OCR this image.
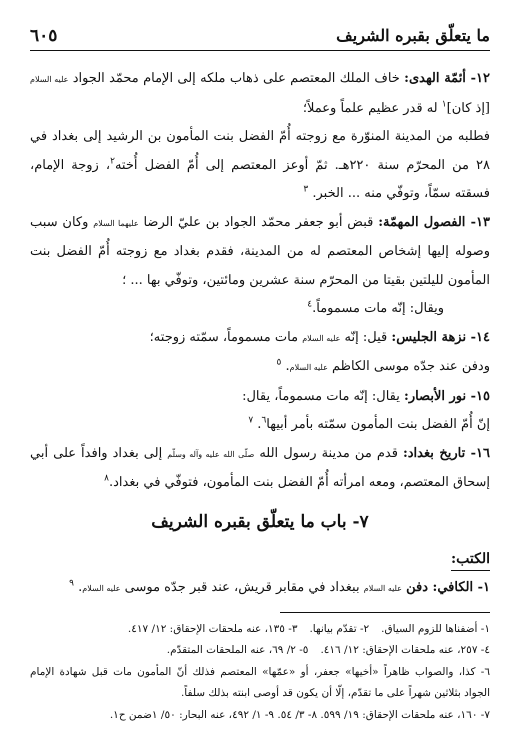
ما يتعلّق بقبره الشريف
٦٠٥

١٢- أئمّة الهدى: خاف الملك المعتصم على ذهاب ملكه إلى الإمام محمّد الجواد عليه السلام [إذ كان]$^١$ له قدر عظيم علماً وعملاً؛

فطلبه من المدينة المنوّرة مع زوجته أُمّ الفضل بنت المأمون بن الرشيد إلى بغداد في ٢٨ من المحرّم سنة ٢٢٠هـ. ثمّ أوعز المعتصم إلى أُمّ الفضل أُخته$^٢$، زوجة الإمام، فسقته سمّاً، وتوفّي منه ... الخبر. $^٣$

١٣- الفصول المهمّة: قبض أبو جعفر محمّد الجواد بن عليّ الرضا عليهما السلام وكان سبب وصوله إليها إشخاص المعتصم له من المدينة، فقدم بغداد مع زوجته أُمّ الفضل بنت المأمون لليلتين بقيتا من المحرّم سنة عشرين ومائتين، وتوفّي بها ... ؛

ويقال: إنّه مات مسموماً.$^٤$

١٤- نزهة الجليس: قيل: إنّه عليه السلام مات مسموماً، سمّته زوجته؛

ودفن عند جدّه موسى الكاظم عليه السلام. $^٥$

١٥- نور الأبصار: يقال: إنّه مات مسموماً، يقال:

إنّ أُمّ الفضل بنت المأمون سمّته بأمر أبيها$^٦$. $^٧$

١٦- تاريخ بغداد: قدم من مدينة رسول الله صلّى الله عليه وآله وسلّم إلى بغداد وافداً على أبي إسحاق المعتصم، ومعه امرأته أُمّ الفضل بنت المأمون، فتوفّي في بغداد.$^٨$

٧- باب ما يتعلّق بقبره الشريف
الكتب:

١- الكافي: دفن عليه السلام ببغداد في مقابر قريش، عند قبر جدّه موسى عليه السلام. $^٩$

١- أضفناها للزوم السياق.
٢- تقدّم بيانها.
٣- ١٣٥، عنه ملحقات الإحقاق: ١٢/ ٤١٧.

٤- ٢٥٧، عنه ملحقات الإحقاق: ١٢/ ٤١٦.
٥- ٢/ ٦٩، عنه الملحقات المتقدّم.

٦- كذا، والصواب ظاهراً «أخيها» جعفر، أو «عمّها» المعتصم فذلك أنّ المأمون مات قبل شهادة الإمام الجواد بثلاثين شهراً على ما تقدّم، إلّا أن يكون قد أوصى ابنته بذلك سلفاً.

٧- ١٦٠، عنه ملحقات الإحقاق: ١٩/ ٥٩٩. ٨- ٣/ ٥٤. ٩- ١/ ٤٩٢، عنه البحار: ٥٠/ ١ضمن ح١.
